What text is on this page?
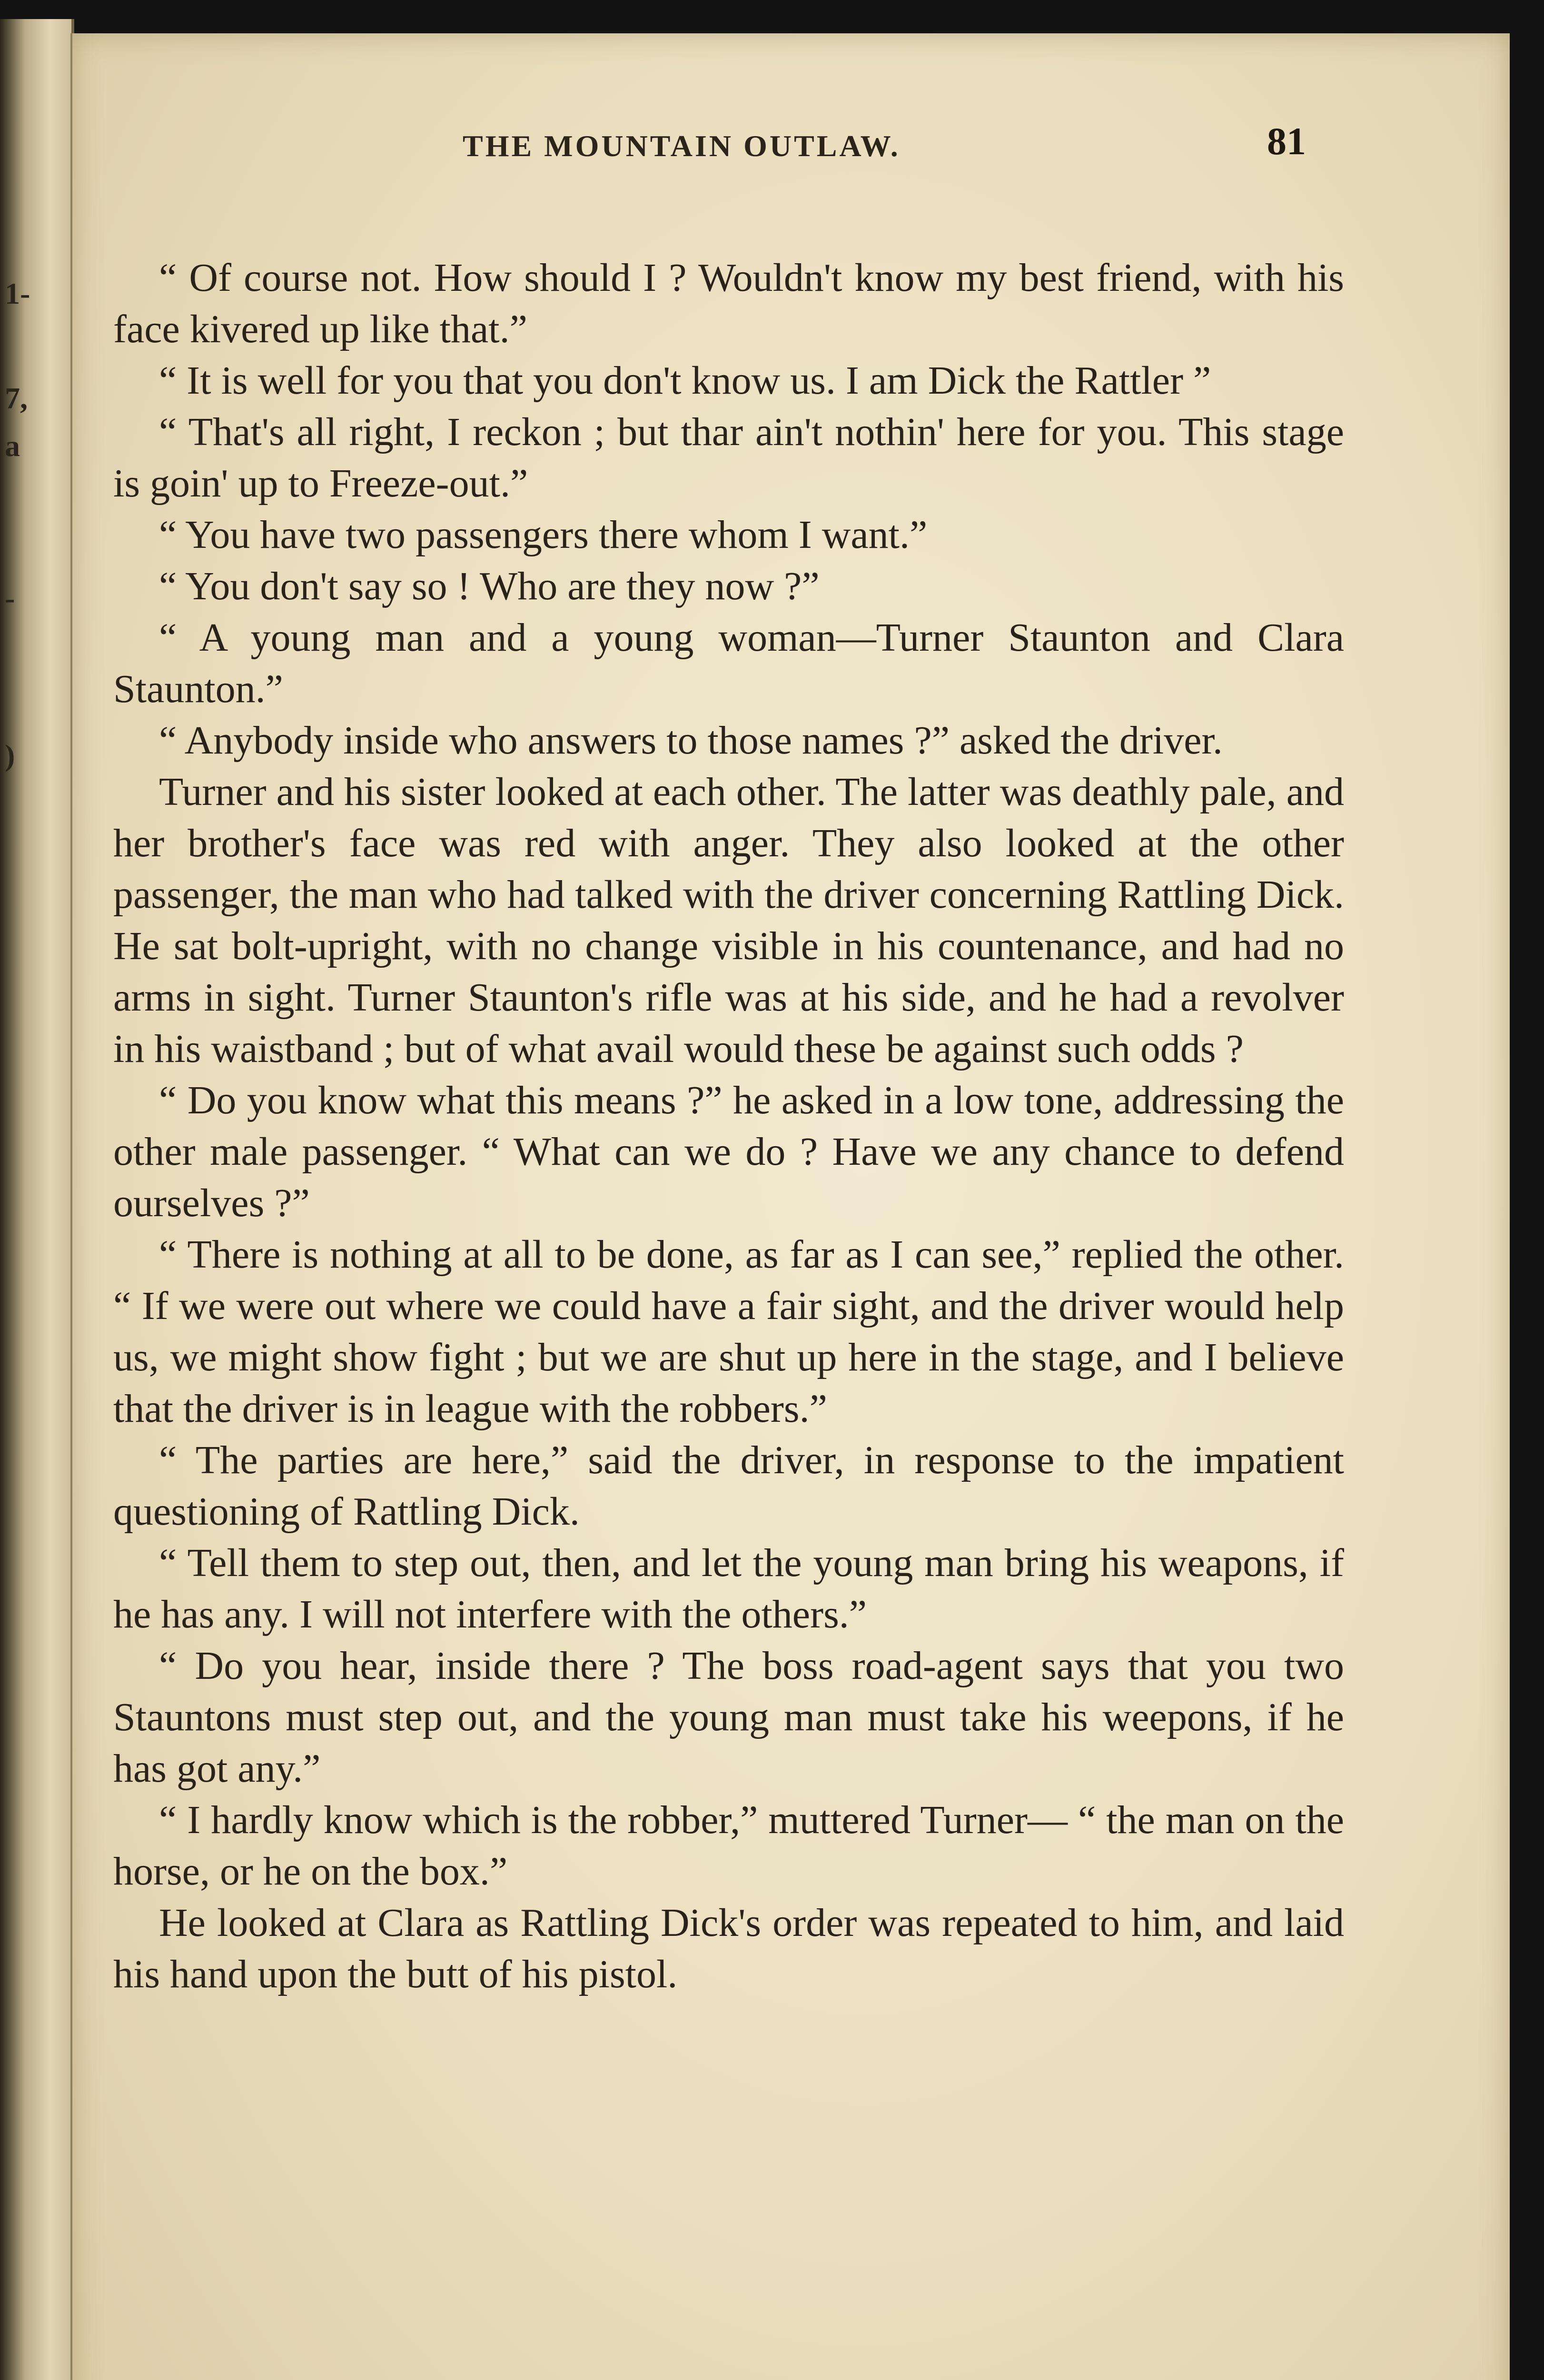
1-
7,
a
-
)
THE MOUNTAIN OUTLAW.	81

“ Of course not. How should I ? Wouldn't know my best friend, with his face kivered up like that.”

“ It is well for you that you don't know us. I am Dick the Rattler ”

“ That's all right, I reckon ; but thar ain't nothin' here for you. This stage is goin' up to Freeze-out.”

“ You have two passengers there whom I want.”

“ You don't say so ! Who are they now ?”

“ A young man and a young woman—Turner Staunton and Clara Staunton.”

“ Anybody inside who answers to those names ?” asked the driver.

Turner and his sister looked at each other. The latter was deathly pale, and her brother's face was red with anger. They also looked at the other passenger, the man who had talked with the driver concerning Rattling Dick. He sat bolt-upright, with no change visible in his countenance, and had no arms in sight. Turner Staunton's rifle was at his side, and he had a revolver in his waistband ; but of what avail would these be against such odds ?

“ Do you know what this means ?” he asked in a low tone, addressing the other male passenger. “ What can we do ? Have we any chance to defend ourselves ?”

“ There is nothing at all to be done, as far as I can see,” replied the other. “ If we were out where we could have a fair sight, and the driver would help us, we might show fight ; but we are shut up here in the stage, and I believe that the driver is in league with the robbers.”

“ The parties are here,” said the driver, in response to the impatient questioning of Rattling Dick.

“ Tell them to step out, then, and let the young man bring his weapons, if he has any. I will not interfere with the others.”

“ Do you hear, inside there ? The boss road-agent says that you two Stauntons must step out, and the young man must take his weepons, if he has got any.”

“ I hardly know which is the robber,” muttered Turner— “ the man on the horse, or he on the box.”

He looked at Clara as Rattling Dick's order was repeated to him, and laid his hand upon the butt of his pistol.
